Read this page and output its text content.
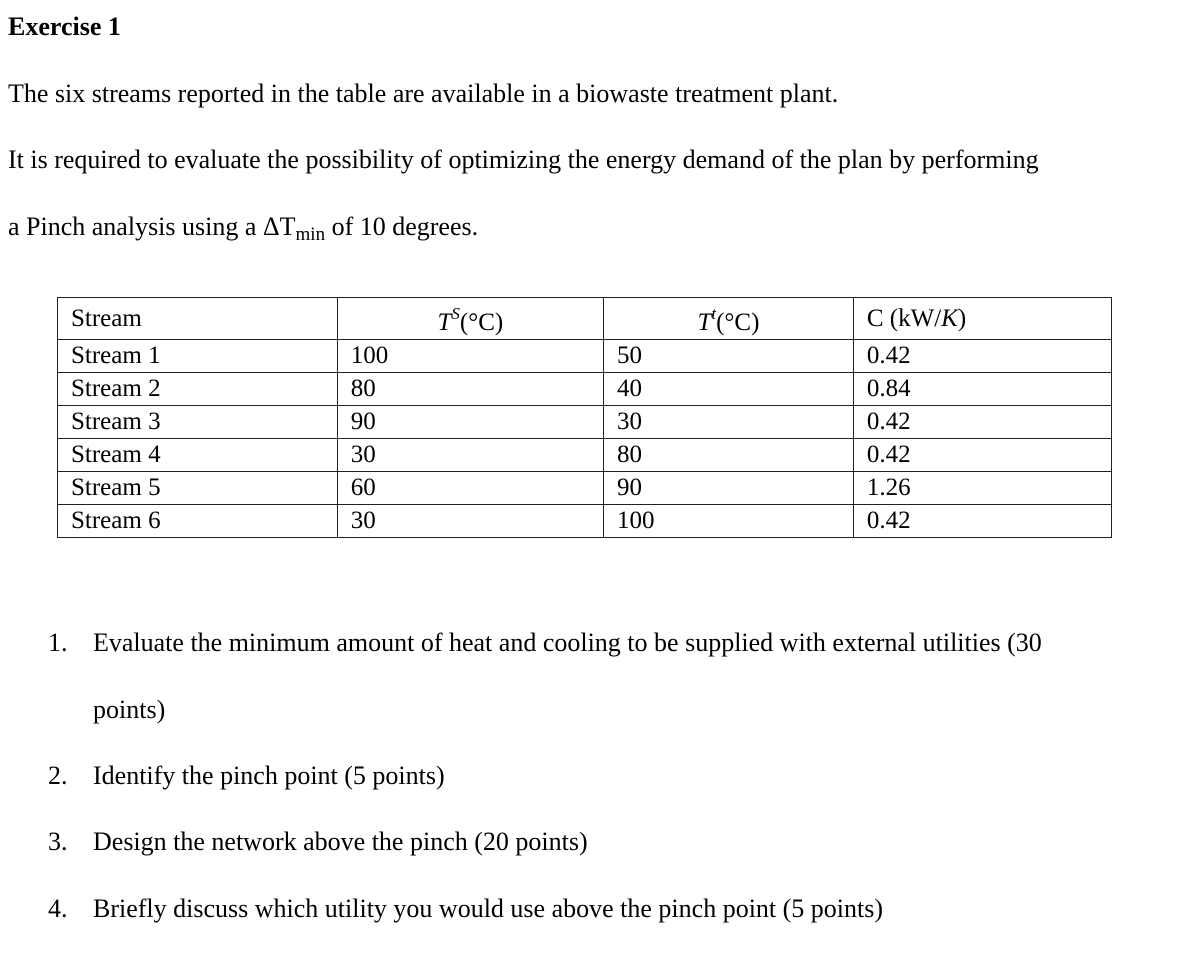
Exercise 1
The six streams reported in the table are available in a biowaste treatment plant.
It is required to evaluate the possibility of optimizing the energy demand of the plan by performing
a Pinch analysis using a $\Delta T_{min}$ of 10 degrees.
Stream	$T^S(^\circ C)$	$T^t(^\circ C)$	C (kW/K)
Stream 1	100	50	0.42
Stream 2	80	40	0.84
Stream 3	90	30	0.42
Stream 4	30	80	0.42
Stream 5	60	90	1.26
Stream 6	30	100	0.42
1. Evaluate the minimum amount of heat and cooling to be supplied with external utilities (30
points)
2. Identify the pinch point (5 points)
3. Design the network above the pinch (20 points)
4. Briefly discuss which utility you would use above the pinch point (5 points)
